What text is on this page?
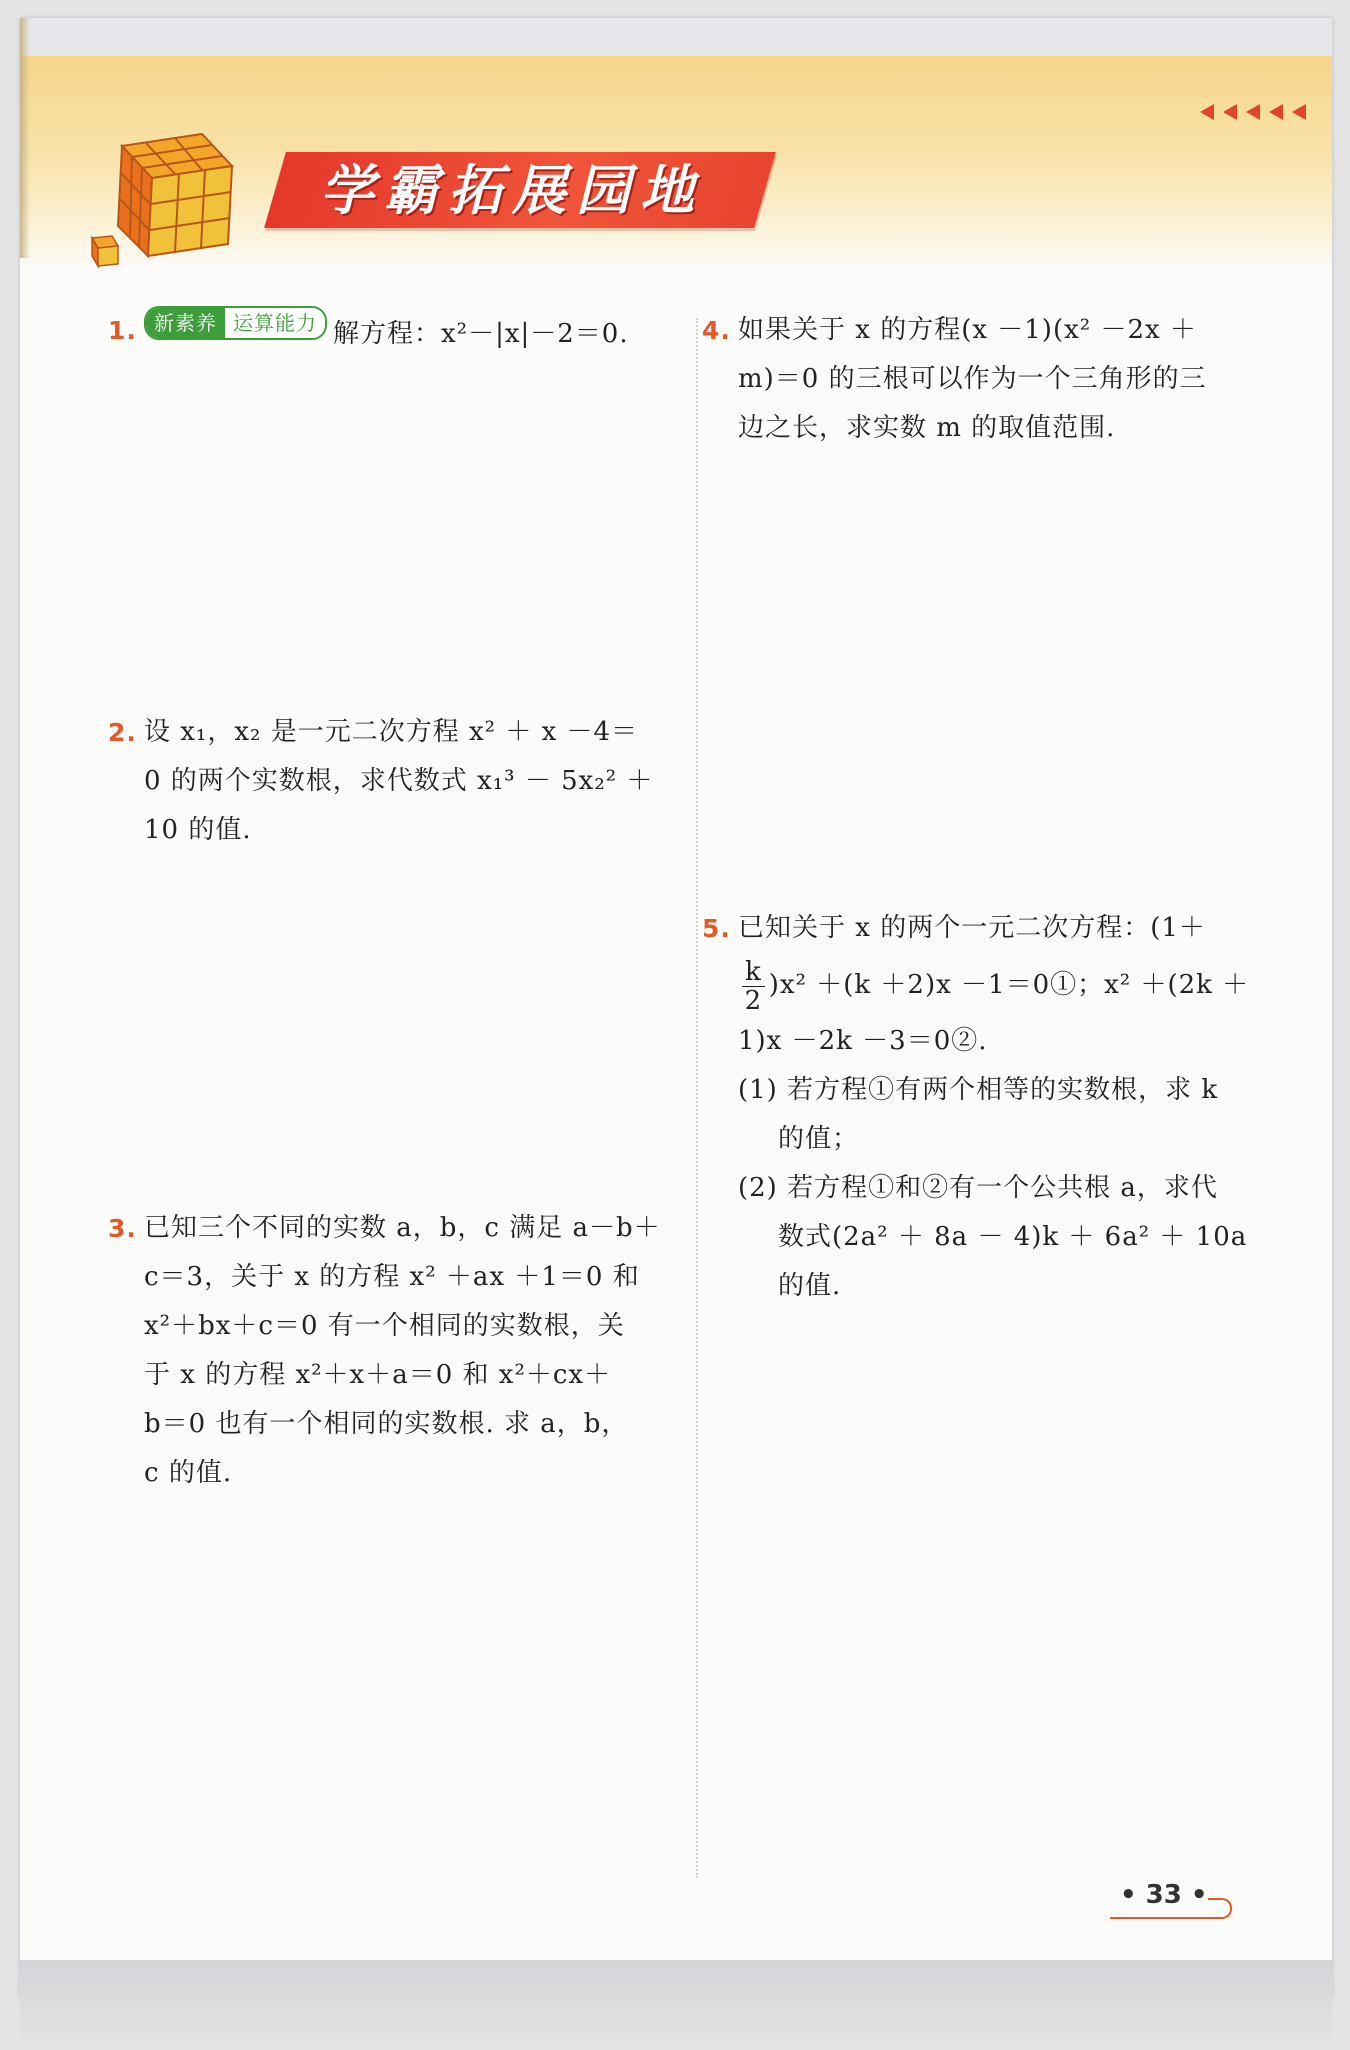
学霸拓展园地
1. 新素养 运算能力 解方程：x²－|x|－2＝0.
2. 设 x₁，x₂ 是一元二次方程 x² ＋ x －4＝
0 的两个实数根，求代数式 x₁³ － 5x₂² ＋
10 的值.
3. 已知三个不同的实数 a，b，c 满足 a－b＋
c＝3，关于 x 的方程 x² ＋ax ＋1＝0 和
x²＋bx＋c＝0 有一个相同的实数根，关
于 x 的方程 x²＋x＋a＝0 和 x²＋cx＋
b＝0 也有一个相同的实数根. 求 a，b，
c 的值.
4. 如果关于 x 的方程(x －1)(x² －2x ＋
m)＝0 的三根可以作为一个三角形的三
边之长，求实数 m 的取值范围.
5. 已知关于 x 的两个一元二次方程：(1＋
$\frac{k}{2} )x^2 +(k +2)x$ －1＝0①；x² ＋(2k ＋
1)x －2k －3＝0②.
(1) 若方程①有两个相等的实数根，求 k
的值；
(2) 若方程①和②有一个公共根 a，求代
数式(2a² ＋ 8a － 4)k ＋ 6a² ＋ 10a
的值.
• 33 •
